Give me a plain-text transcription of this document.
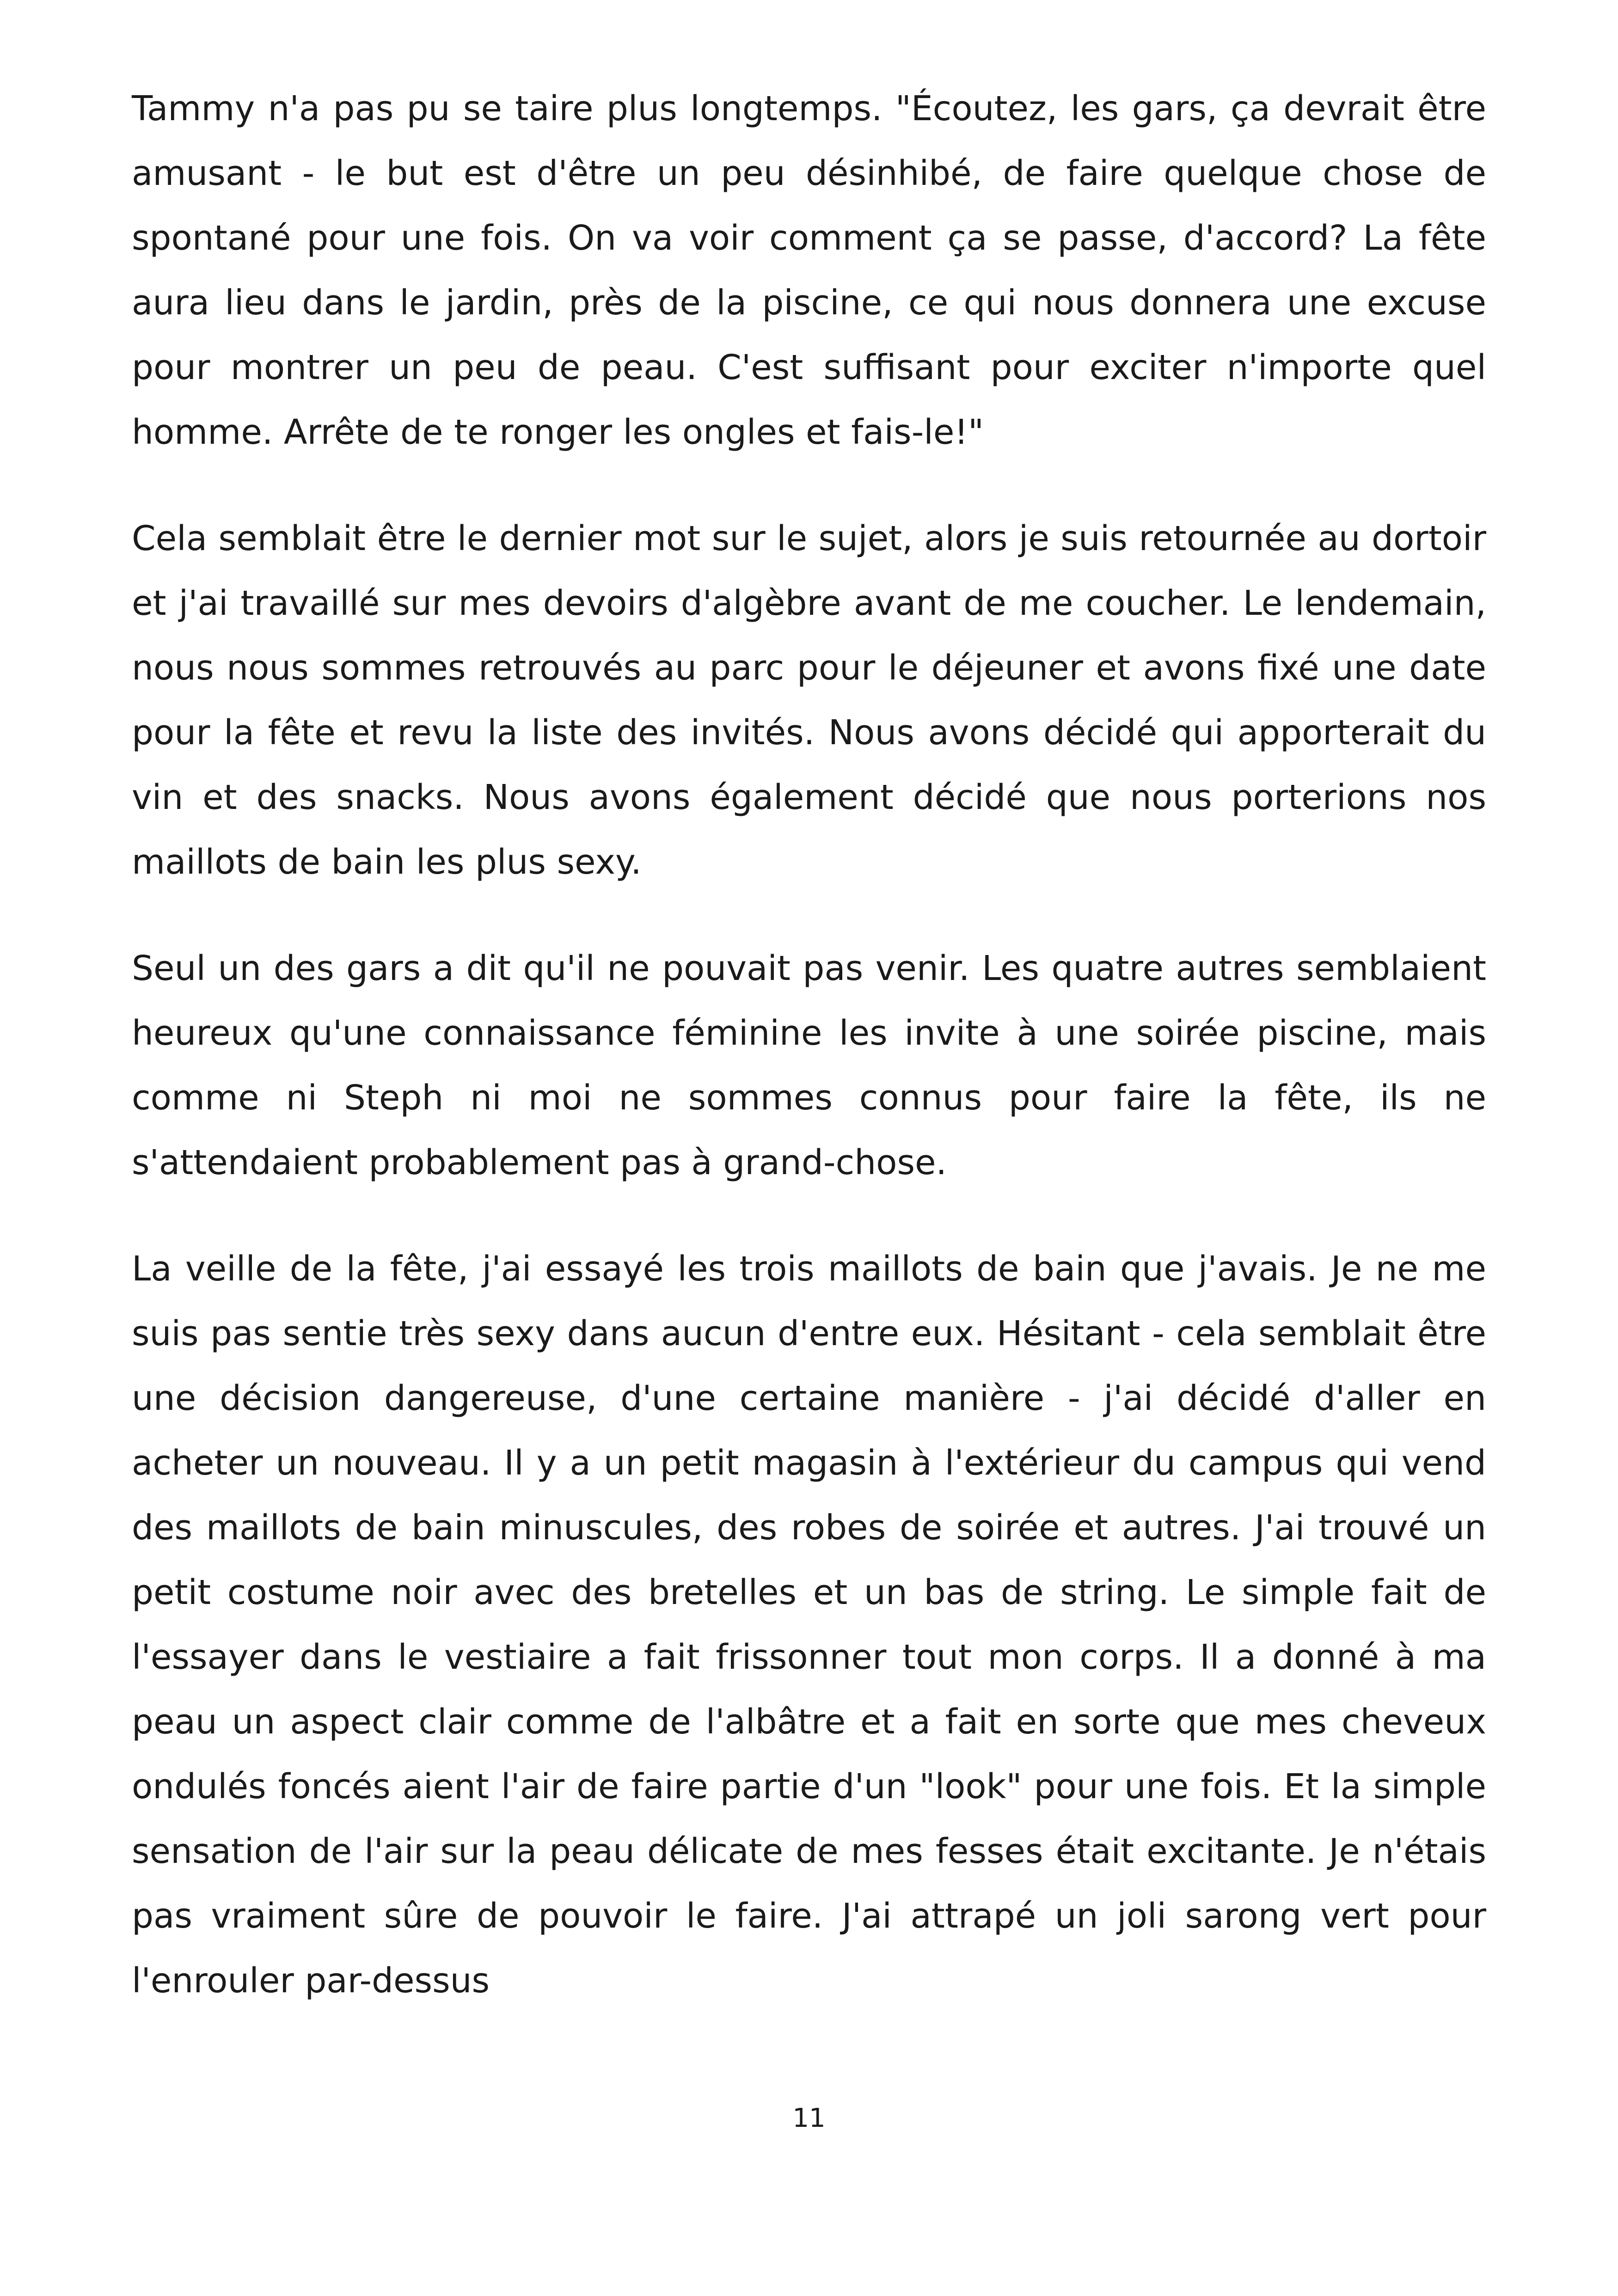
Tammy n'a pas pu se taire plus longtemps. "Écoutez, les gars, ça devrait être amusant - le but est d'être un peu désinhibé, de faire quelque chose de spontané pour une fois. On va voir comment ça se passe, d'accord? La fête aura lieu dans le jardin, près de la piscine, ce qui nous donnera une excuse pour montrer un peu de peau. C'est suffisant pour exciter n'importe quel homme. Arrête de te ronger les ongles et fais-le!"

Cela semblait être le dernier mot sur le sujet, alors je suis retournée au dortoir et j'ai travaillé sur mes devoirs d'algèbre avant de me coucher. Le lendemain, nous nous sommes retrouvés au parc pour le déjeuner et avons fixé une date pour la fête et revu la liste des invités. Nous avons décidé qui apporterait du vin et des snacks. Nous avons également décidé que nous porterions nos maillots de bain les plus sexy.

Seul un des gars a dit qu'il ne pouvait pas venir. Les quatre autres semblaient heureux qu'une connaissance féminine les invite à une soirée piscine, mais comme ni Steph ni moi ne sommes connus pour faire la fête, ils ne s'attendaient probablement pas à grand-chose.

La veille de la fête, j'ai essayé les trois maillots de bain que j'avais. Je ne me suis pas sentie très sexy dans aucun d'entre eux. Hésitant - cela semblait être une décision dangereuse, d'une certaine manière - j'ai décidé d'aller en acheter un nouveau. Il y a un petit magasin à l'extérieur du campus qui vend des maillots de bain minuscules, des robes de soirée et autres. J'ai trouvé un petit costume noir avec des bretelles et un bas de string. Le simple fait de l'essayer dans le vestiaire a fait frissonner tout mon corps. Il a donné à ma peau un aspect clair comme de l'albâtre et a fait en sorte que mes cheveux ondulés foncés aient l'air de faire partie d'un "look" pour une fois. Et la simple sensation de l'air sur la peau délicate de mes fesses était excitante. Je n'étais pas vraiment sûre de pouvoir le faire. J'ai attrapé un joli sarong vert pour l'enrouler par-dessus

11
